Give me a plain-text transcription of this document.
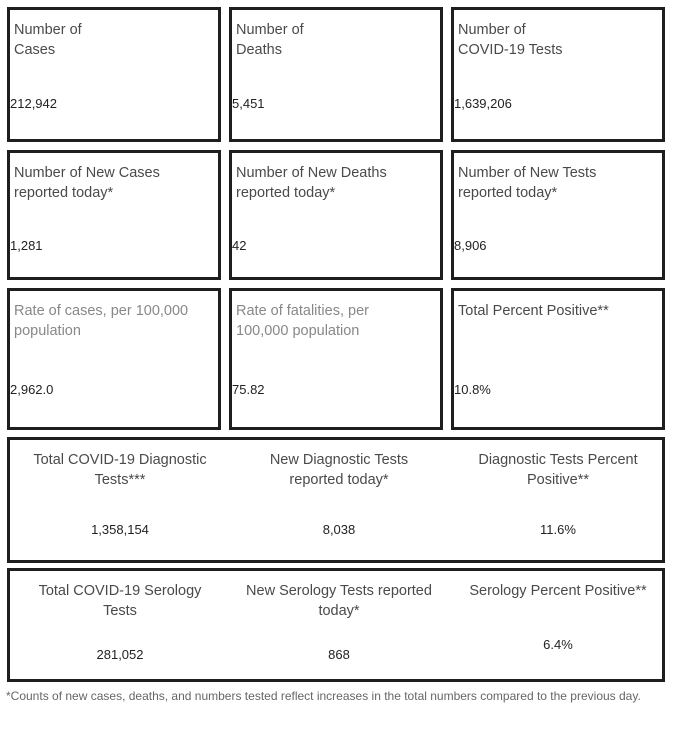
Number of
Cases
212,942
Number of
Deaths
5,451
Number of
COVID-19 Tests
1,639,206
Number of New Cases
reported today*
1,281
Number of New Deaths
reported today*
42
Number of New Tests
reported today*
8,906
Rate of cases, per 100,000
population
2,962.0
Rate of fatalities, per
100,000 population
75.82
Total Percent Positive**
10.8%
Total COVID-19 Diagnostic
Tests***
1,358,154
New Diagnostic Tests
reported today*
8,038
Diagnostic Tests Percent
Positive**
11.6%
Total COVID-19 Serology
Tests
281,052
New Serology Tests reported
today*
868
Serology Percent Positive**
6.4%
*Counts of new cases, deaths, and numbers tested reflect increases in the total numbers compared to the previous day.
